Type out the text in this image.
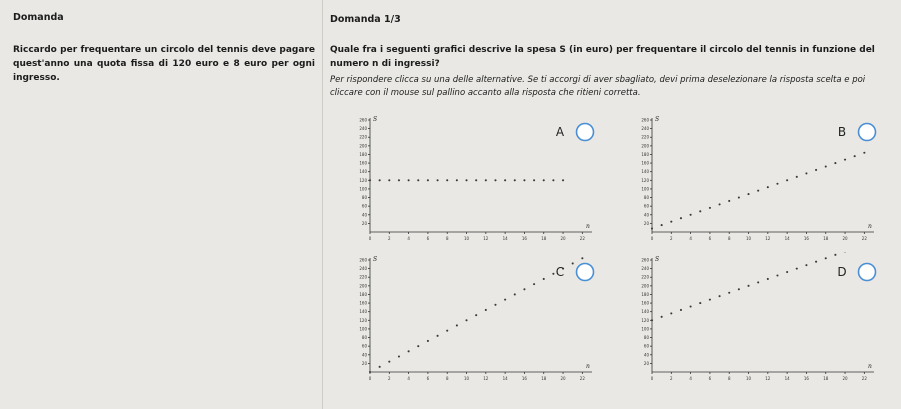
Domanda
Riccardo per frequentare un circolo del tennis deve pagare quest'anno una quota fissa di 120 euro e 8 euro per ogni ingresso.
Domanda 1/3
Quale fra i seguenti grafici descrive la spesa S (in euro) per frequentare il circolo del tennis in funzione del numero n di ingressi?
Per rispondere clicca su una delle alternative. Se ti accorgi di aver sbagliato, devi prima deselezionare la risposta scelta e poi cliccare con il mouse sul pallino accanto alla risposta che ritieni corretta.
20
40
60
80
100
120
140
160
180
200
220
240
260
0	2	4	6	8	10	12	14	16	18	20	22
S
n
A
20
40
60
80
100
120
140
160
180
200
220
240
260
0	2	4	6	8	10	12	14	16	18	20	22
S
n
B
20
40
60
80
100
120
140
160
180
200
220
240
260
0	2	4	6	8	10	12	14	16	18	20	22
S
n
C
20
40
60
80
100
120
140
160
180
200
220
240
260
0	2	4	6	8	10	12	14	16	18	20	22
S
n
D
